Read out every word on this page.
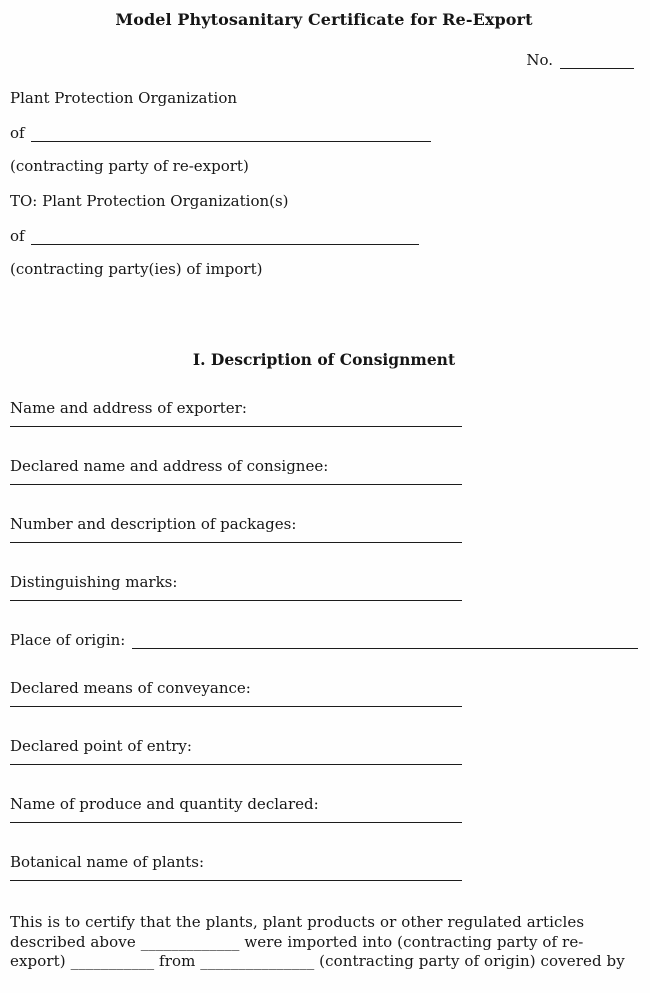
Model Phytosanitary Certificate for Re-Export
No.

Plant Protection Organization

of

(contracting party of re-export)

TO: Plant Protection Organization(s)

of

(contracting party(ies) of import)

I. Description of Consignment
Name and address of exporter:
Declared name and address of consignee:
Number and description of packages:
Distinguishing marks:
Place of origin:
Declared means of conveyance:
Declared point of entry:
Name of produce and quantity declared:
Botanical name of plants:

This is to certify that the plants, plant products or other regulated articles described above _____________ were imported into (contracting party of re-export) ___________ from _______________ (contracting party of origin) covered by
